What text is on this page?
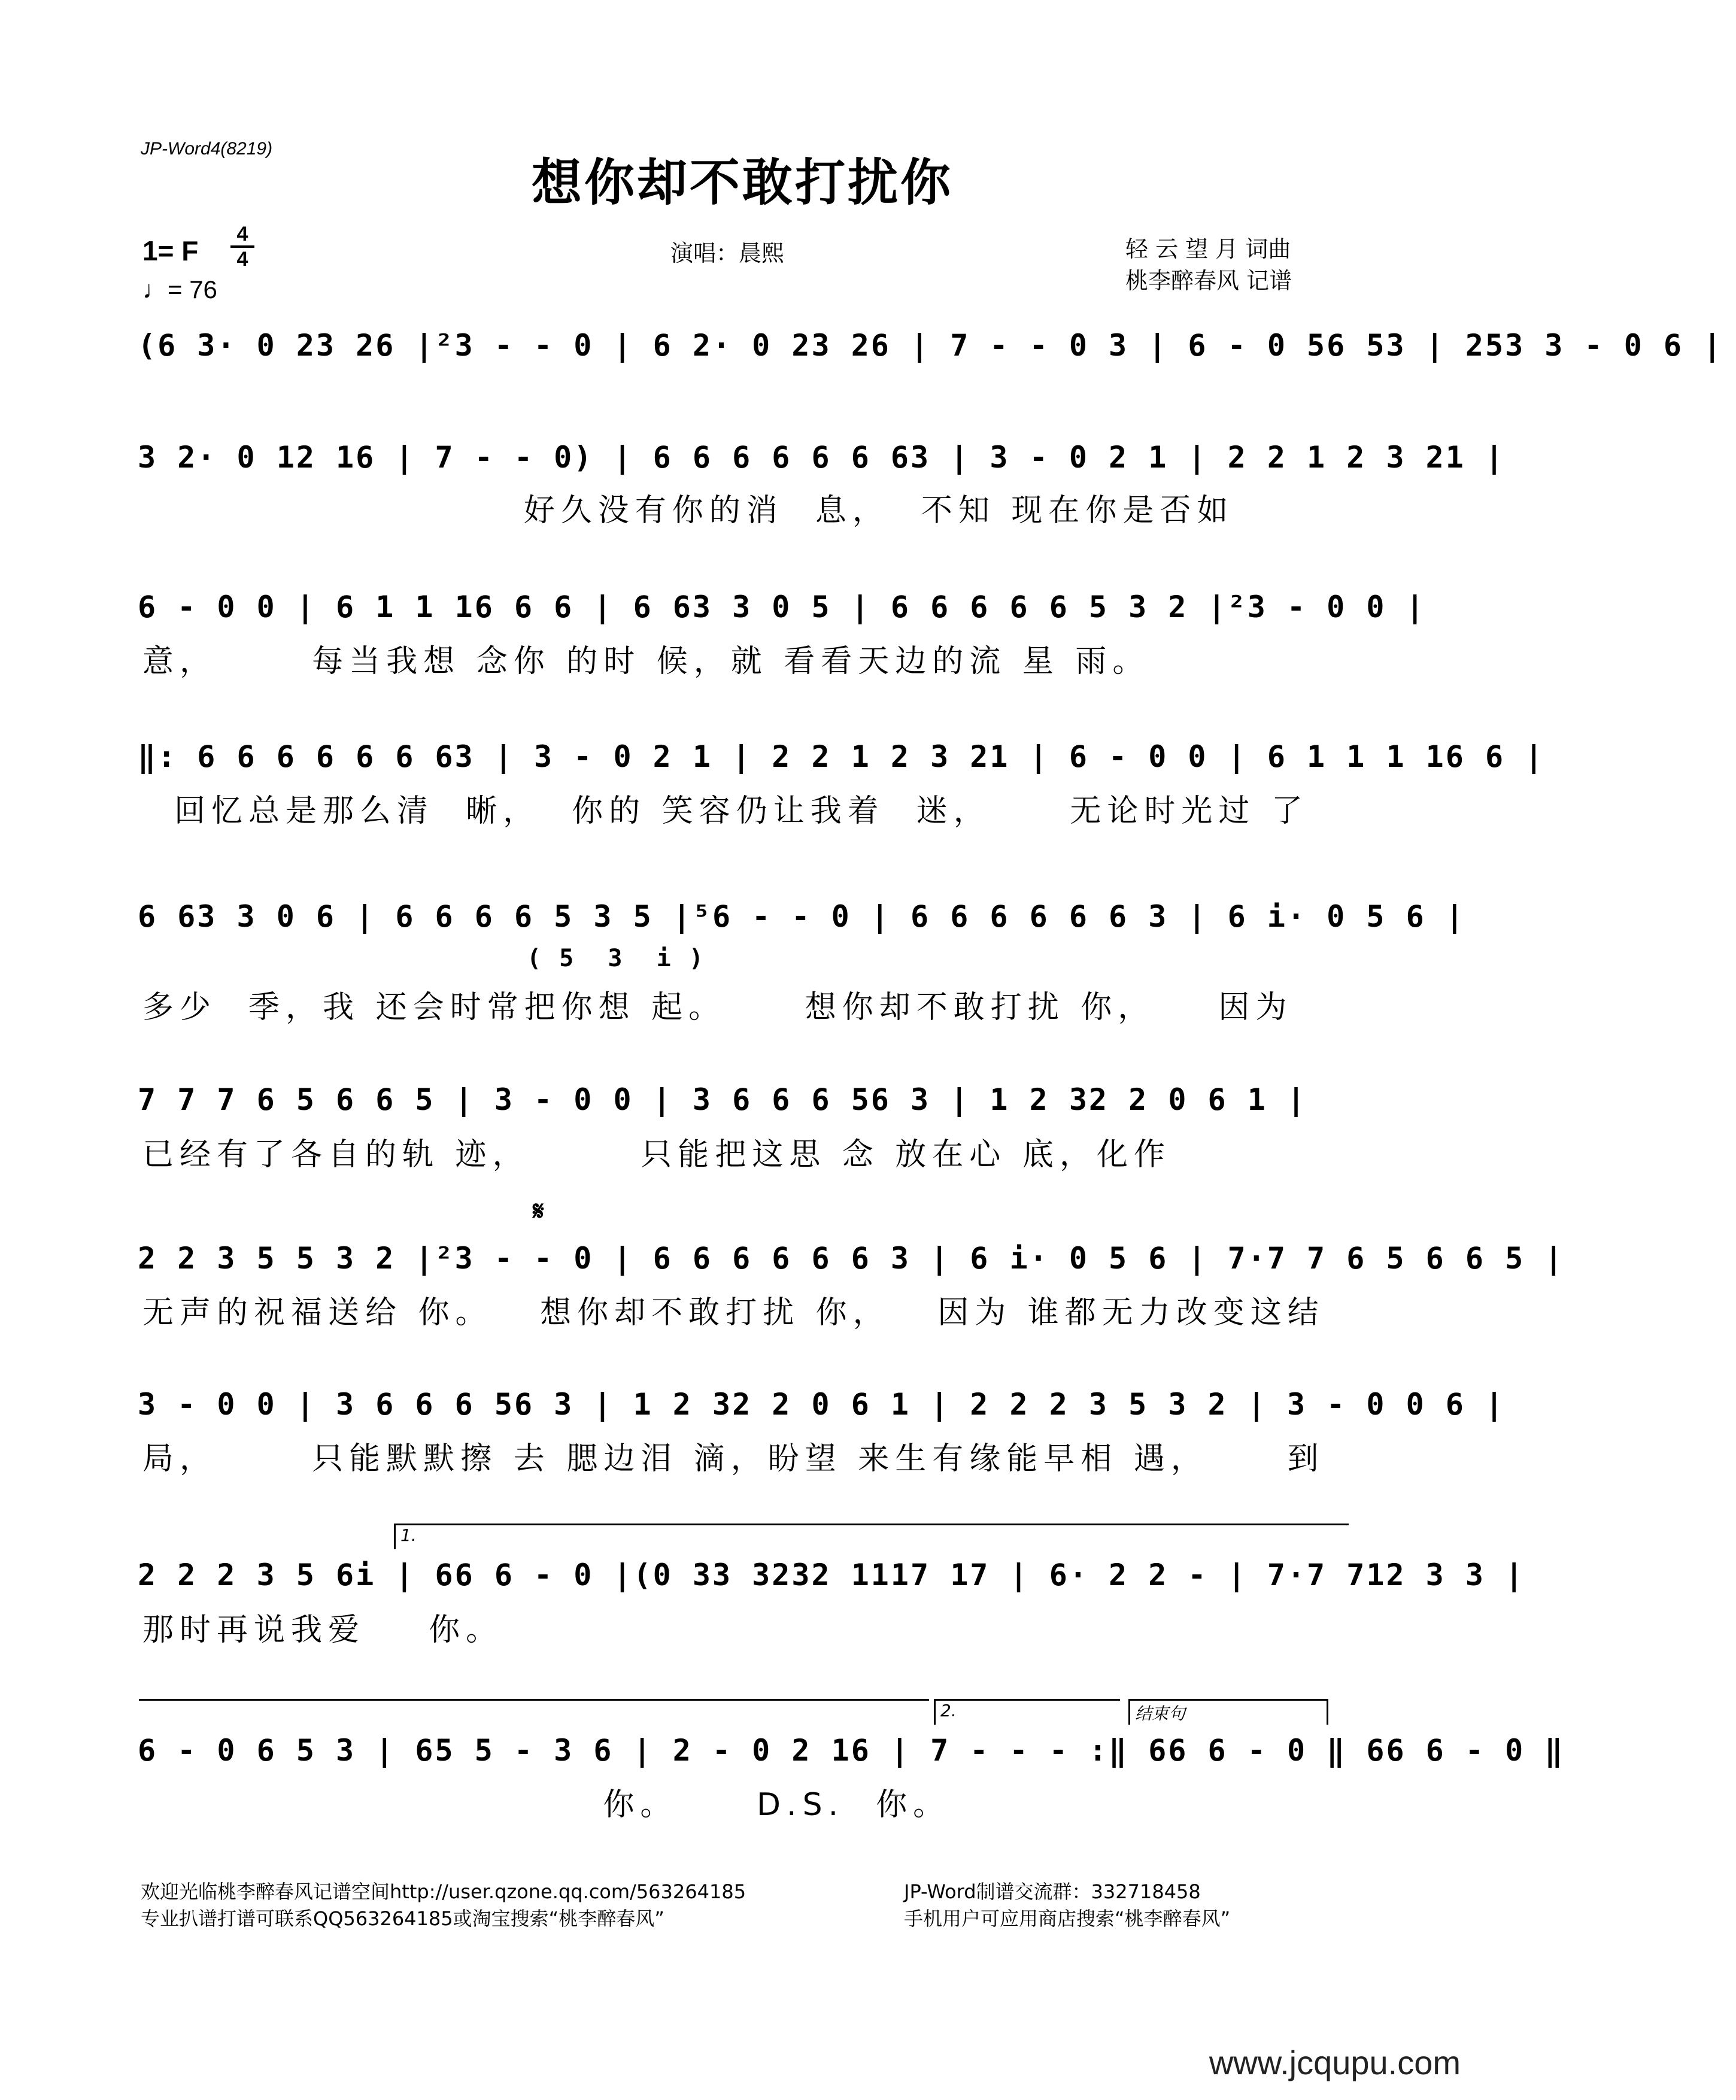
JP-Word4(8219)
想你却不敢打扰你
1= F
4
4
♩= 76
演唱：晨熙	轻 云 望 月 词曲
桃李醉春风 记谱
(6 3· 0 23 26 |²3 - - 0 | 6 2· 0 23 26 | 7 - - 0 3 | 6 - 0 56 53 | 253 3 - 0 6 |
3 2· 0 12 16 | 7 - - 0) | 6 6 6 6 6 6 63 | 3 - 0 2 1 | 2 2 1 2 3 21 |
好久没有你的消  息，  不知 现在你是否如
6 - 0 0 | 6 1 1 16 6 6 | 6 63 3 0 5 | 6 6 6 6 6 5 3 2 |²3 - 0 0 |
意，      每当我想 念你 的时 候，就 看看天边的流 星 雨。
‖: 6 6 6 6 6 6 63 | 3 - 0 2 1 | 2 2 1 2 3 21 | 6 - 0 0 | 6 1 1 1 16 6 |
回忆总是那么清  晰，  你的 笑容仍让我着  迷，     无论时光过 了
6 63 3 0 6 | 6 6 6 6 5 3 5 |⁵6 - - 0 | 6 6 6 6 6 6 3 | 6 i· 0 5 6 |
( 5  3  i )
多少  季，我 还会时常把你想 起。     想你却不敢打扰 你，    因为
7 7 7 6 5 6 6 5 | 3 - 0 0 | 3 6 6 6 56 3 | 1 2 32 2 0 6 1 |
已经有了各自的轨 迹，       只能把这思 念 放在心 底，化作
𝄋
2 2 3 5 5 3 2 |²3 - - 0 | 6 6 6 6 6 6 3 | 6 i· 0 5 6 | 7·7 7 6 5 6 6 5 |
无声的祝福送给 你。   想你却不敢打扰 你，   因为 谁都无力改变这结
3 - 0 0 | 3 6 6 6 56 3 | 1 2 32 2 0 6 1 | 2 2 2 3 5 3 2 | 3 - 0 0 6 |
局，      只能默默擦 去 腮边泪 滴，盼望 来生有缘能早相 遇，     到
1.
2 2 2 3 5 6i | 66 6 - 0 |(0 33 3232 1117 17 | 6· 2 2 - | 7·7 712 3 3 |
那时再说我爱    你。
2.	结束句
6 - 0 6 5 3 | 65 5 - 3 6 | 2 - 0 2 16 | 7 - - - :‖ 66 6 - 0 ‖ 66 6 - 0 ‖
你。     D.S.  你。
欢迎光临桃李醉春风记谱空间http://user.qzone.qq.com/563264185	JP-Word制谱交流群：332718458
专业扒谱打谱可联系QQ563264185或淘宝搜索“桃李醉春风”	手机用户可应用商店搜索“桃李醉春风”
www.jcqupu.com
